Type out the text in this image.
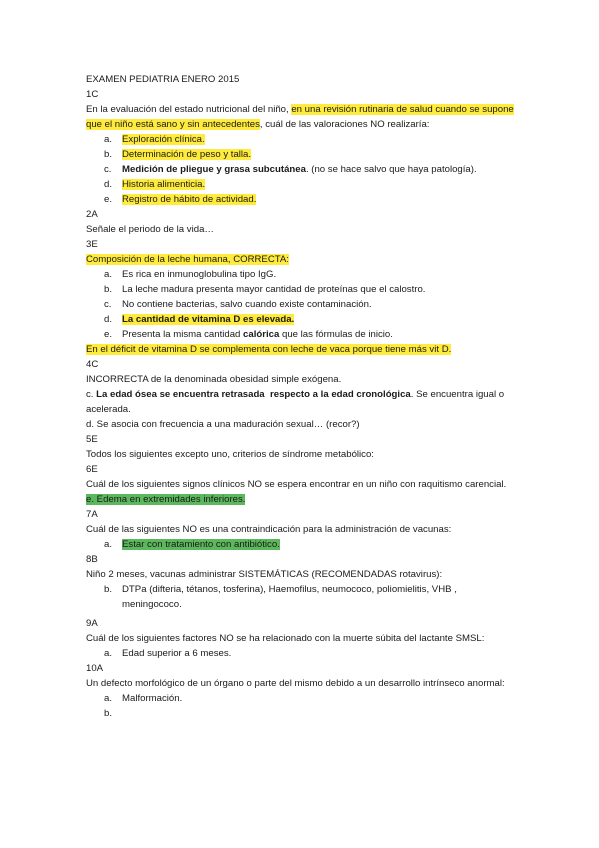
EXAMEN PEDIATRIA ENERO 2015
1C
En la evaluación del estado nutricional del niño, en una revisión rutinaria de salud cuando se supone que el niño está sano y sin antecedentes, cuál de las valoraciones NO realizaría:
a. Exploración clínica.
b. Determinación de peso y talla.
c. Medición de pliegue y grasa subcutánea. (no se hace salvo que haya patología).
d. Historia alimenticia.
e. Registro de hábito de actividad.
2A
Señale el periodo de la vida…
3E
Composición de la leche humana, CORRECTA:
a. Es rica en inmunoglobulina tipo IgG.
b. La leche madura presenta mayor cantidad de proteínas que el calostro.
c. No contiene bacterias, salvo cuando existe contaminación.
d. La cantidad de vitamina D es elevada.
e. Presenta la misma cantidad calórica que las fórmulas de inicio.
En el déficit de vitamina D se complementa con leche de vaca porque tiene más vit D.
4C
INCORRECTA de la denominada obesidad simple exógena.
c. La edad ósea se encuentra retrasada respecto a la edad cronológica. Se encuentra igual o acelerada.
d. Se asocia con frecuencia a una maduración sexual… (recor?)
5E
Todos los siguientes excepto uno, criterios de síndrome metabólico:
6E
Cuál de los siguientes signos clínicos NO se espera encontrar en un niño con raquitismo carencial.
e. Edema en extremidades inferiores.
7A
Cuál de las siguientes NO es una contraindicación para la administración de vacunas:
a. Estar con tratamiento con antibiótico.
8B
Niño 2 meses, vacunas administrar SISTEMÁTICAS (RECOMENDADAS rotavirus):
b. DTPa (difteria, tétanos, tosferina), Haemofilus, neumococo, poliomielitis, VHB , meningococo.
9A
Cuál de los siguientes factores NO se ha relacionado con la muerte súbita del lactante SMSL:
a. Edad superior a 6 meses.
10A
Un defecto morfológico de un órgano o parte del mismo debido a un desarrollo intrínseco anormal:
a. Malformación.
b.
